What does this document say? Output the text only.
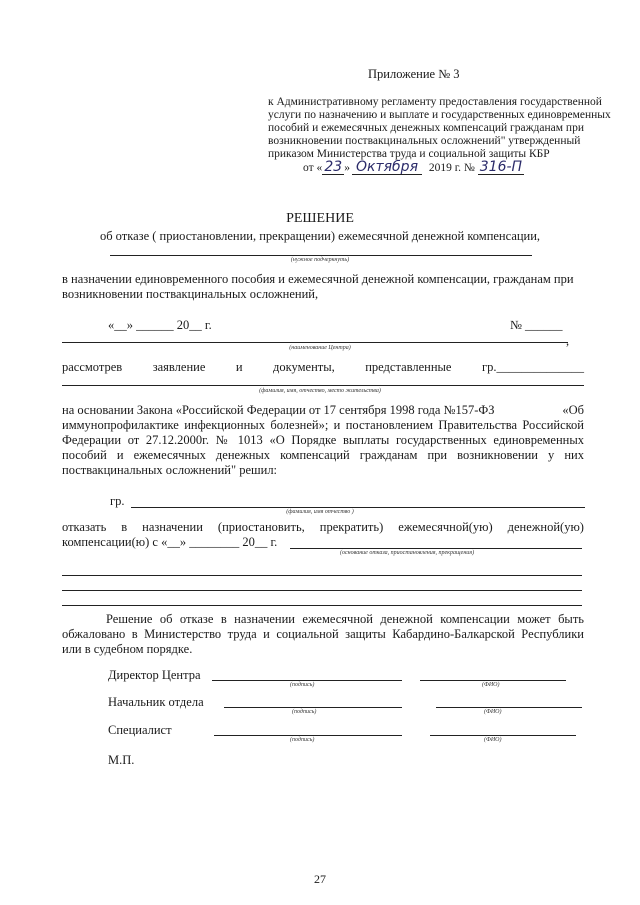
Приложение № 3
к Административному регламенту предоставления государственной
услуги по назначению и выплате и государственных единовременных
пособий и ежемесячных денежных компенсаций гражданам при
возникновении поствакцинальных осложнений" утвержденный
приказом Министерства труда и социальной защиты КБР
от « 23 » Октября 2019 г. № 316-П
РЕШЕНИЕ
об отказе ( приостановлении, прекращении) ежемесячной денежной компенсации,
(нужное подчеркнуть)
в назначении единовременного пособия и ежемесячной денежной компенсации, гражданам при
возникновении поствакцинальных осложнений,
«__» ______ 20__ г.	№ ______
,
(наименование Центра)
рассмотрев заявление и документы, представленные гр.______________
(фамилия, имя, отчество, место жительства)
на основании Закона «Российской Федерации от 17 сентября 1998 года №157-ФЗ	«Об
иммунопрофилактике инфекционных болезней»; и постановлением Правительства Российской
Федерации от 27.12.2000г. № 1013 «О Порядке выплаты государственных единовременных
пособий и ежемесячных денежных компенсаций гражданам при возникновении у них
поствакцинальных осложнений" решил:
гр.
(фамилия, имя отчество )
отказать в назначении (приостановить, прекратить) ежемесячной(ую) денежной(ую)
компенсации(ю) с «__» ________ 20__ г.
(основание отказа, приостановления, прекращения)
Решение об отказе в назначении ежемесячной денежной компенсации может быть
обжаловано в Министерство труда и социальной защиты Кабардино-Балкарской Республики
или в судебном порядке.
Директор Центра
(подпись)	(ФИО)
Начальник отдела
(подпись)	(ФИО)
Специалист
(подпись)	(ФИО)
М.П.
27
